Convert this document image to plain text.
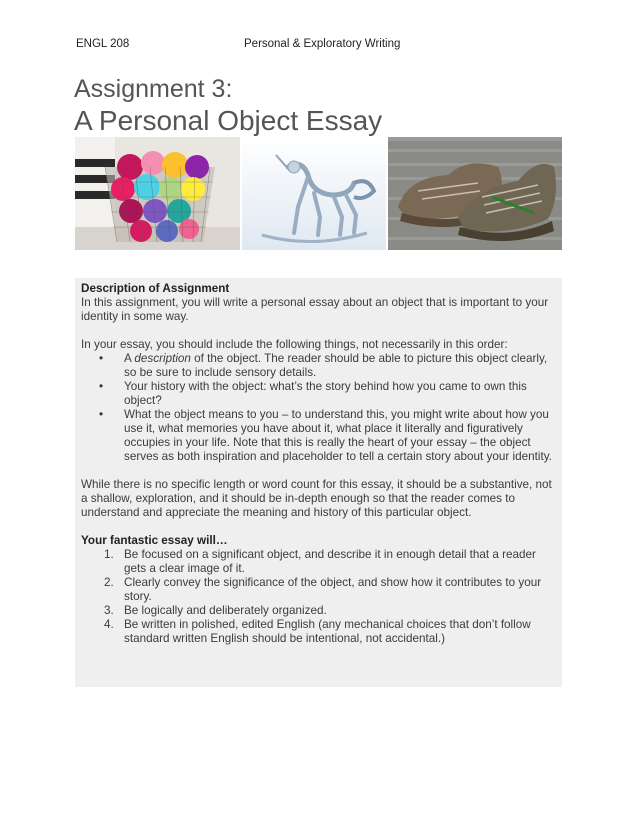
ENGL 208	Personal & Exploratory Writing
Assignment 3:
A Personal Object Essay
Description of Assignment

In this assignment, you will write a personal essay about an object that is important to your identity in some way.

In your essay, you should include the following things, not necessarily in this order:

• A description of the object. The reader should be able to picture this object clearly, so be sure to include sensory details.
• Your history with the object: what’s the story behind how you came to own this object?
• What the object means to you – to understand this, you might write about how you use it, what memories you have about it, what place it literally and figuratively occupies in your life. Note that this is really the heart of your essay – the object serves as both inspiration and placeholder to tell a certain story about your identity.

While there is no specific length or word count for this essay, it should be a substantive, not a shallow, exploration, and it should be in-depth enough so that the reader comes to understand and appreciate the meaning and history of this particular object.

Your fantastic essay will…
1. Be focused on a significant object, and describe it in enough detail that a reader gets a clear image of it.
2. Clearly convey the significance of the object, and show how it contributes to your story.
3. Be logically and deliberately organized.
4. Be written in polished, edited English (any mechanical choices that don’t follow standard written English should be intentional, not accidental.)
